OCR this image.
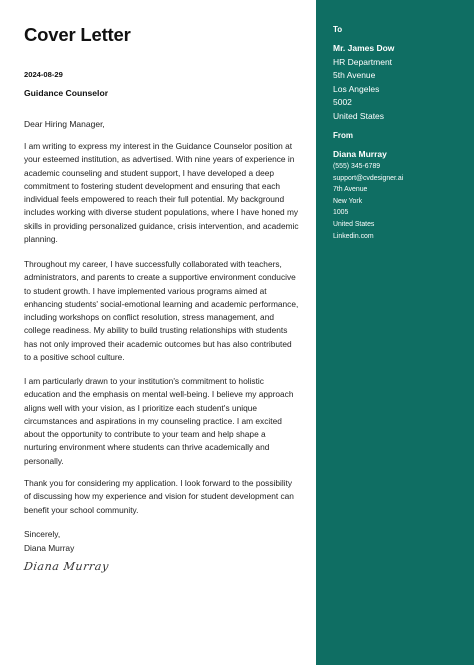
Cover Letter
2024-08-29
Guidance Counselor
Dear Hiring Manager,

I am writing to express my interest in the Guidance Counselor position at your esteemed institution, as advertised. With nine years of experience in academic counseling and student support, I have developed a deep commitment to fostering student development and ensuring that each individual feels empowered to reach their full potential. My background includes working with diverse student populations, where I have honed my skills in providing personalized guidance, crisis intervention, and academic planning.

Throughout my career, I have successfully collaborated with teachers, administrators, and parents to create a supportive environment conducive to student growth. I have implemented various programs aimed at enhancing students' social-emotional learning and academic performance, including workshops on conflict resolution, stress management, and college readiness. My ability to build trusting relationships with students has not only improved their academic outcomes but has also contributed to a positive school culture.

I am particularly drawn to your institution's commitment to holistic education and the emphasis on mental well-being. I believe my approach aligns well with your vision, as I prioritize each student's unique circumstances and aspirations in my counseling practice. I am excited about the opportunity to contribute to your team and help shape a nurturing environment where students can thrive academically and personally.

Thank you for considering my application. I look forward to the possibility of discussing how my experience and vision for student development can benefit your school community.

Sincerely,
Diana Murray
Diana Murray
To
Mr. James Dow
HR Department
5th Avenue
Los Angeles
5002
United States
From
Diana Murray
(555) 345-6789
support@cvdesigner.ai
7th Avenue
New York
1005
United States
Linkedin.com
